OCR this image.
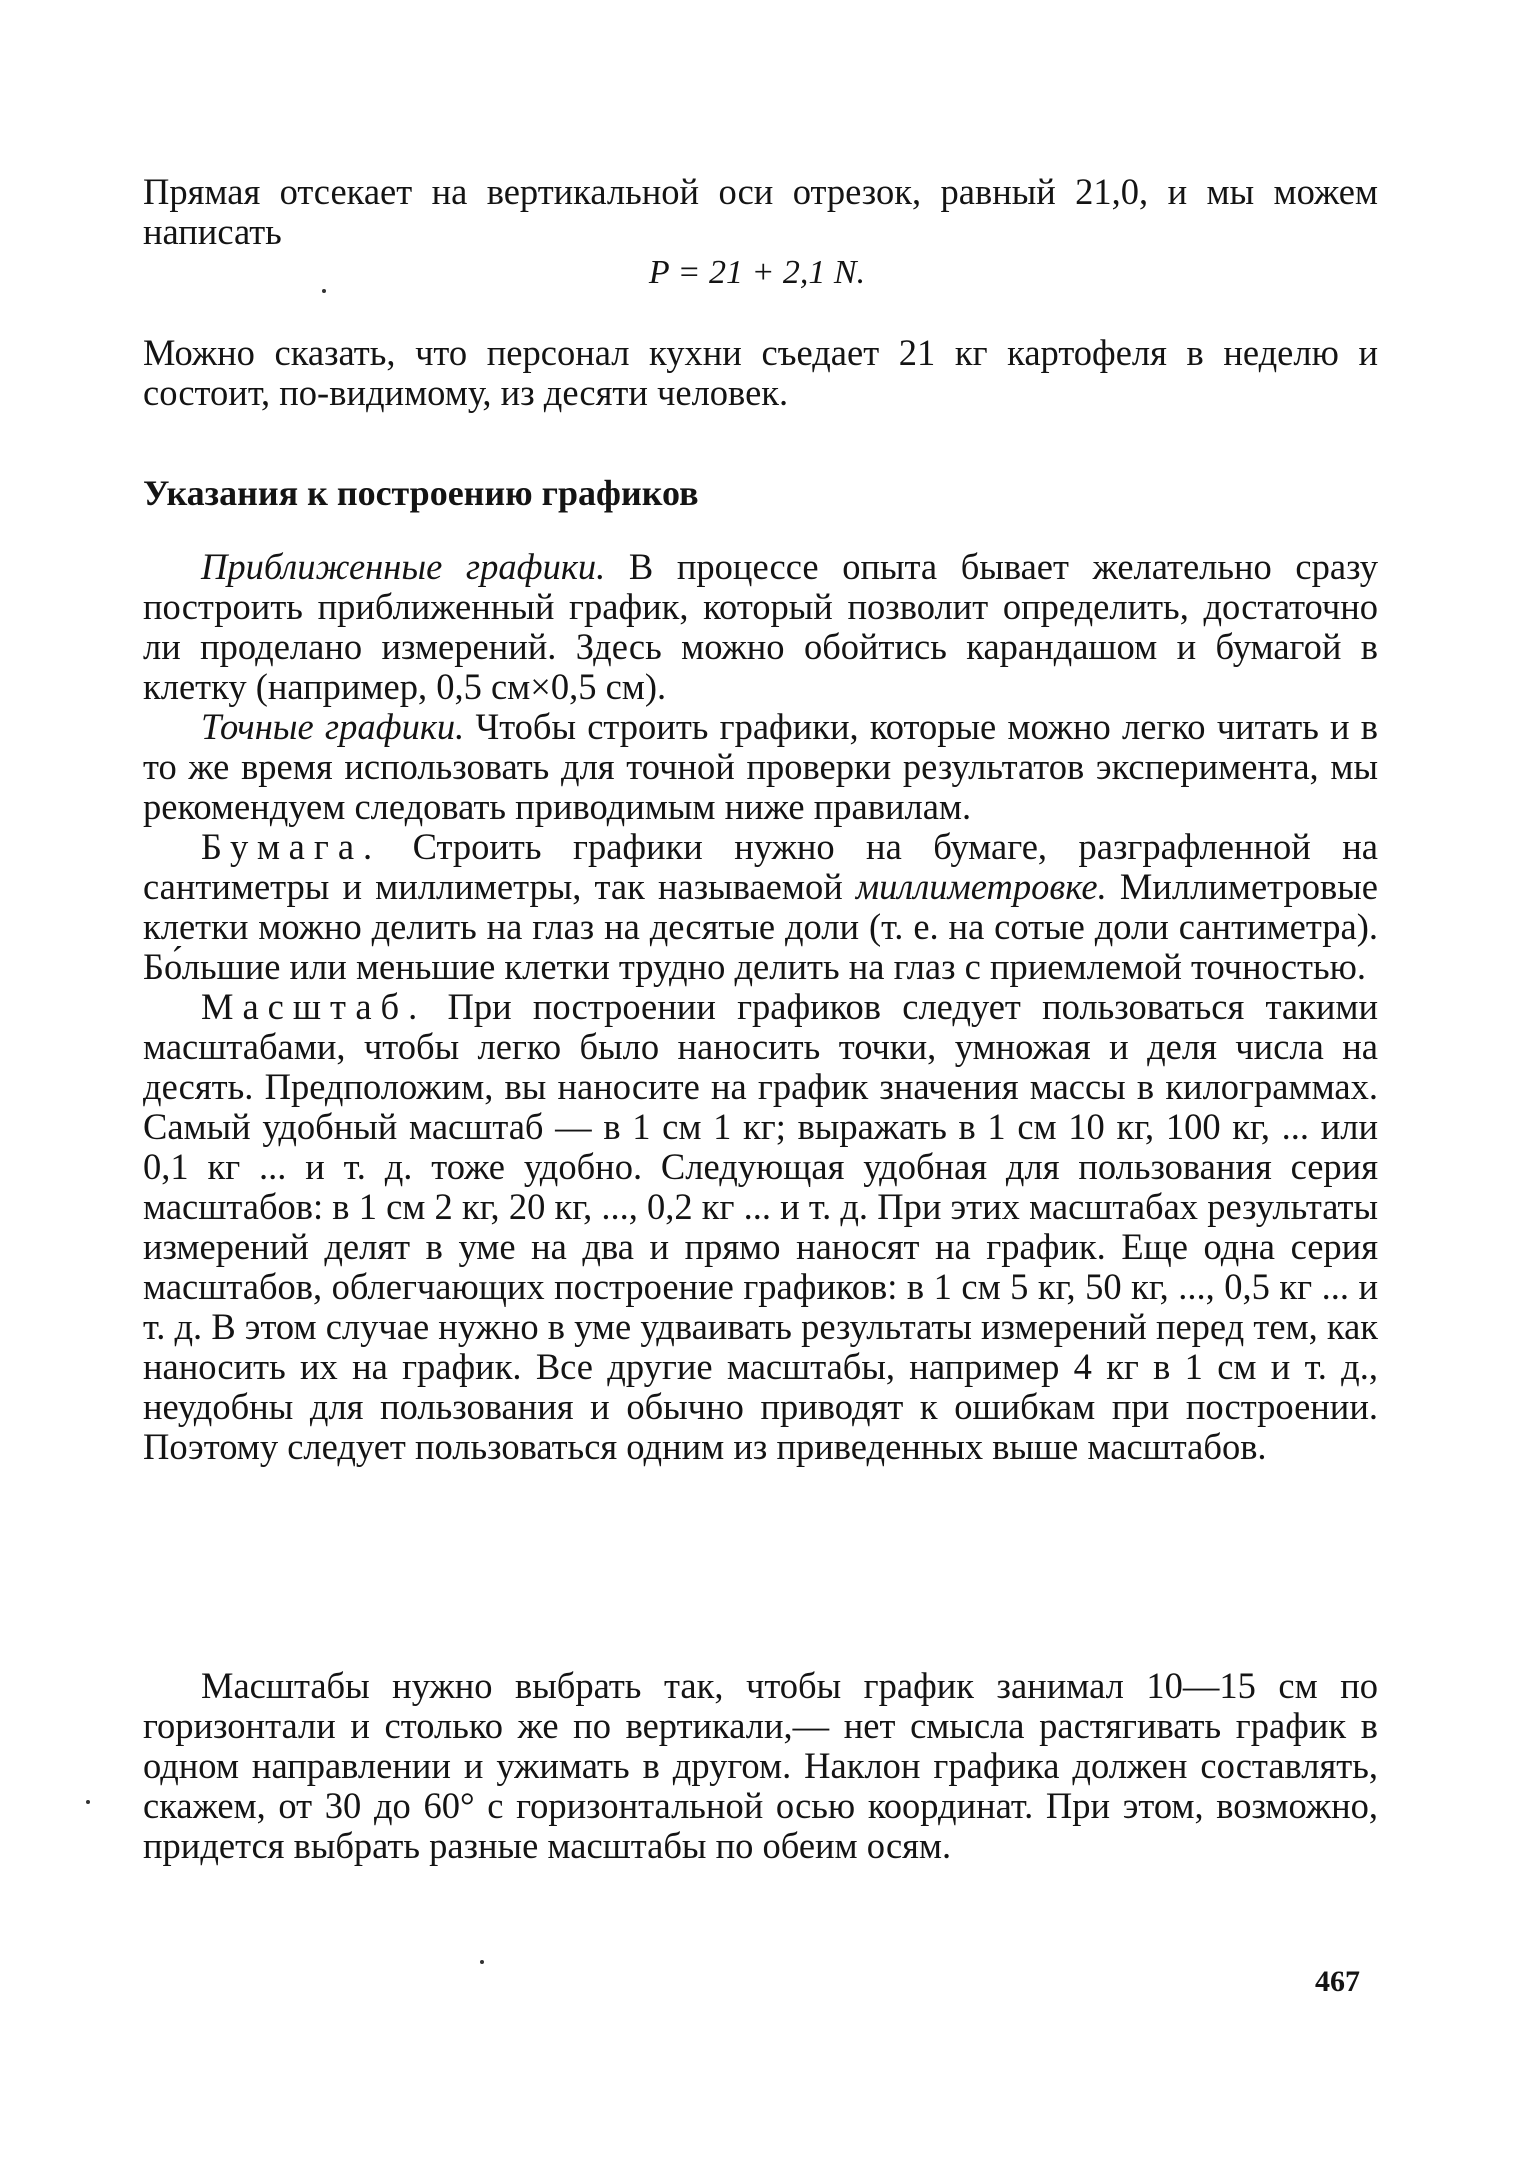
Прямая отсекает на вертикальной оси отрезок, равный 21,0, и мы можем написать

P = 21 + 2,1 N.

Можно сказать, что персонал кухни съедает 21 кг картофеля в неделю и состоит, по-видимому, из десяти человек.

Указания к построению графиков

Приближенные графики. В процессе опыта бывает желательно сразу построить приближенный график, который позволит определить, достаточно ли проделано измерений. Здесь можно обойтись карандашом и бумагой в клетку (например, 0,5 см×0,5 см).

Точные графики. Чтобы строить графики, которые можно легко читать и в то же время использовать для точной проверки результатов эксперимента, мы рекомендуем следовать приводимым ниже правилам.

Бумага. Строить графики нужно на бумаге, разграфленной на сантиметры и миллиметры, так называемой миллиметровке. Миллиметровые клетки можно делить на глаз на десятые доли (т. е. на сотые доли сантиметра). Бо́льшие или меньшие клетки трудно делить на глаз с приемлемой точностью.

Масштаб. При построении графиков следует пользоваться такими масштабами, чтобы легко было наносить точки, умножая и деля числа на десять. Предположим, вы наносите на график значения массы в килограммах. Самый удобный масштаб — в 1 см 1 кг; выражать в 1 см 10 кг, 100 кг, ... или 0,1 кг ... и т. д. тоже удобно. Следующая удобная для пользования серия масштабов: в 1 см 2 кг, 20 кг, ..., 0,2 кг ... и т. д. При этих масштабах результаты измерений делят в уме на два и прямо наносят на график. Еще одна серия масштабов, облегчающих построение графиков: в 1 см 5 кг, 50 кг, ..., 0,5 кг ... и т. д. В этом случае нужно в уме удваивать результаты измерений перед тем, как наносить их на график. Все другие масштабы, например 4 кг в 1 см и т. д., неудобны для пользования и обычно приводят к ошибкам при построении. Поэтому следует пользоваться одним из приведенных выше масштабов.

Масштабы нужно выбрать так, чтобы график занимал 10—15 см по горизонтали и столько же по вертикали,— нет смысла растягивать график в одном направлении и ужимать в другом. Наклон графика должен составлять, скажем, от 30 до 60° с горизонтальной осью координат. При этом, возможно, придется выбрать разные масштабы по обеим осям.

467
